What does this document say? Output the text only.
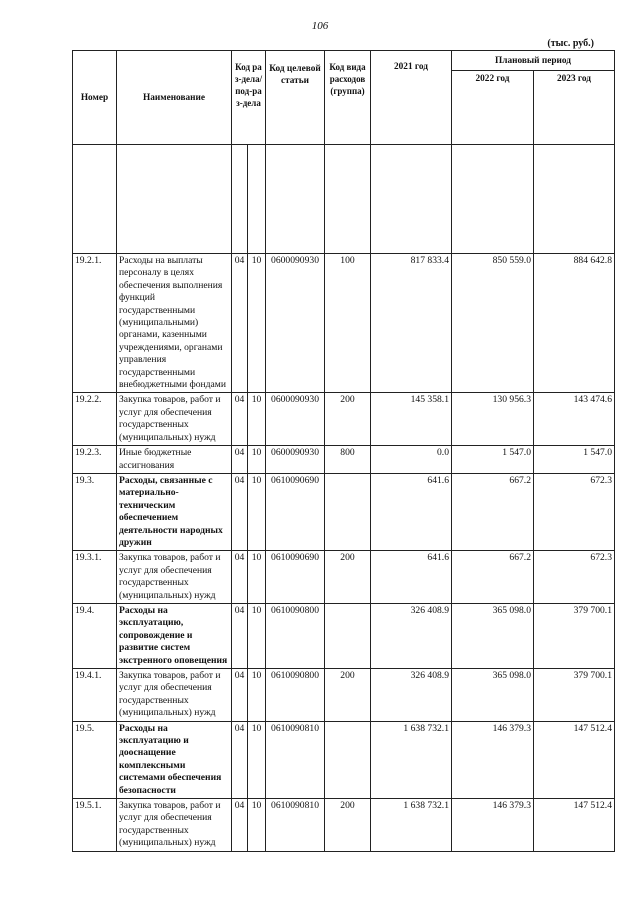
106
(тыс. руб.)
Номер	Наименование	Код раз-дела/ под-раз-дела		Код целевой статьи	Код вида расходов (группа)	2021 год	Плановый период	
							2022 год	2023 год

19.2.1.	Расходы на выплаты персоналу в целях обеспечения выполнения функций государственными (муниципальными) органами, казенными учреждениями, органами управления государственными внебюджетными фондами	04	10	0600090930	100	817 833.4	850 559.0	884 642.8
19.2.2.	Закупка товаров, работ и услуг для обеспечения государственных (муниципальных) нужд	04	10	0600090930	200	145 358.1	130 956.3	143 474.6
19.2.3.	Иные бюджетные ассигнования	04	10	0600090930	800	0.0	1 547.0	1 547.0
19.3.	Расходы, связанные с материально-техническим обеспечением деятельности народных дружин	04	10	0610090690		641.6	667.2	672.3
19.3.1.	Закупка товаров, работ и услуг для обеспечения государственных (муниципальных) нужд	04	10	0610090690	200	641.6	667.2	672.3
19.4.	Расходы на эксплуатацию, сопровождение и развитие систем экстренного оповещения	04	10	0610090800		326 408.9	365 098.0	379 700.1
19.4.1.	Закупка товаров, работ и услуг для обеспечения государственных (муниципальных) нужд	04	10	0610090800	200	326 408.9	365 098.0	379 700.1
19.5.	Расходы на эксплуатацию и дооснащение комплексными системами обеспечения безопасности	04	10	0610090810		1 638 732.1	146 379.3	147 512.4
19.5.1.	Закупка товаров, работ и услуг для обеспечения государственных (муниципальных) нужд	04	10	0610090810	200	1 638 732.1	146 379.3	147 512.4
